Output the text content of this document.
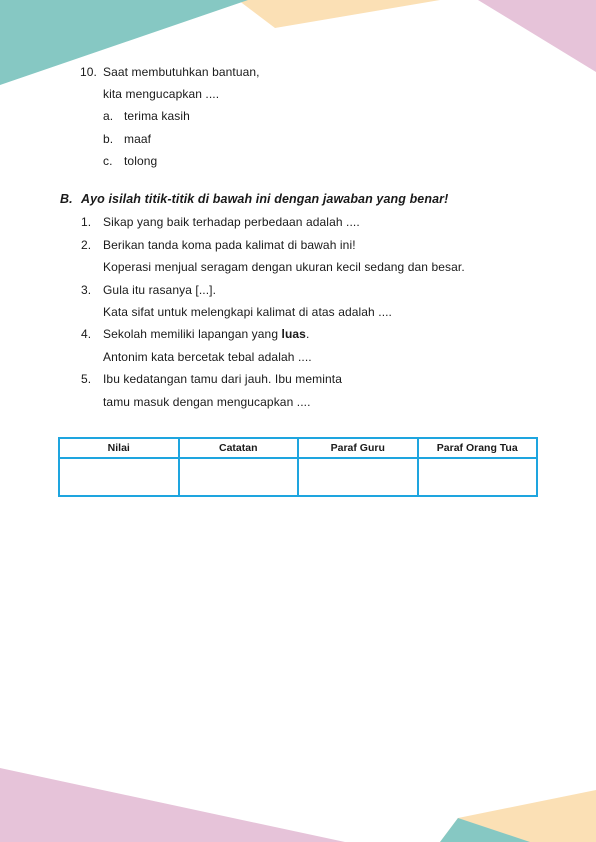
10. Saat membutuhkan bantuan,
kita mengucapkan ....
a. terima kasih
b. maaf
c. tolong
B. Ayo isilah titik-titik di bawah ini dengan jawaban yang benar!
1. Sikap yang baik terhadap perbedaan adalah ....
2. Berikan tanda koma pada kalimat di bawah ini!
Koperasi menjual seragam dengan ukuran kecil sedang dan besar.
3. Gula itu rasanya [...].
Kata sifat untuk melengkapi kalimat di atas adalah ....
4. Sekolah memiliki lapangan yang luas.
Antonim kata bercetak tebal adalah ....
5. Ibu kedatangan tamu dari jauh. Ibu meminta
tamu masuk dengan mengucapkan ....
Nilai	Catatan	Paraf Guru	Paraf Orang Tua
